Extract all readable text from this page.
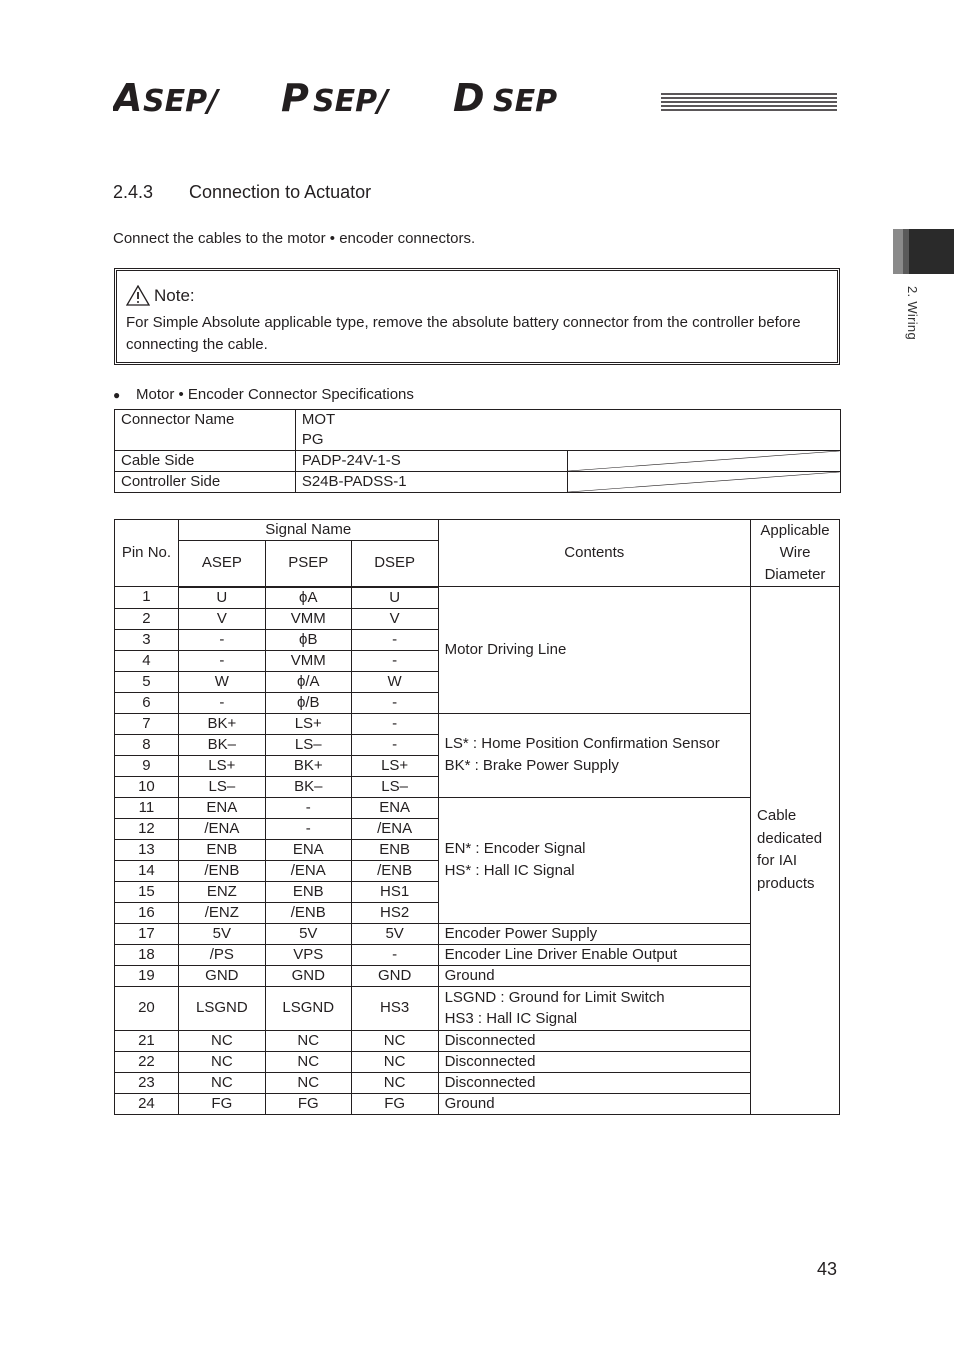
A SEP/ P SEP/ D SEP
2. Wiring
2.4.3 Connection to Actuator
Connect the cables to the motor • encoder connectors.
Note:
For Simple Absolute applicable type, remove the absolute battery connector from the controller before connecting the cable.
● Motor • Encoder Connector Specifications
Connector Name	MOT
PG	

Cable Side	PADP-24V-1-S	

Controller Side	S24B-PADSS-1	
Pin No.	Signal Name			Contents	Applicable Wire Diameter
	ASEP	PSEP	DSEP		
1	U	ϕA	U	Motor Driving Line	Cable dedicated for IAI products
2	V	VMM	V		
3	-	ϕB	-		
4	-	VMM	-		
5	W	ϕ/A	W		
6	-	ϕ/B	-		
7	BK+	LS+	-	LS* : Home Position Confirmation Sensor
BK* : Brake Power Supply	

8	BK–	LS–	-		
9	LS+	BK+	LS+		
10	LS–	BK–	LS–		
11	ENA	-	ENA	EN* : Encoder Signal
HS* : Hall IC Signal	

12	/ENA	-	/ENA		
13	ENB	ENA	ENB		
14	/ENB	/ENA	/ENB		
15	ENZ	ENB	HS1		
16	/ENZ	/ENB	HS2		
17	5V	5V	5V	Encoder Power Supply	
18	/PS	VPS	-	Encoder Line Driver Enable Output	
19	GND	GND	GND	Ground	
20	LSGND	LSGND	HS3	LSGND : Ground for Limit Switch
HS3 : Hall IC Signal	

21	NC	NC	NC	Disconnected	
22	NC	NC	NC	Disconnected	
23	NC	NC	NC	Disconnected	
24	FG	FG	FG	Ground	
43
